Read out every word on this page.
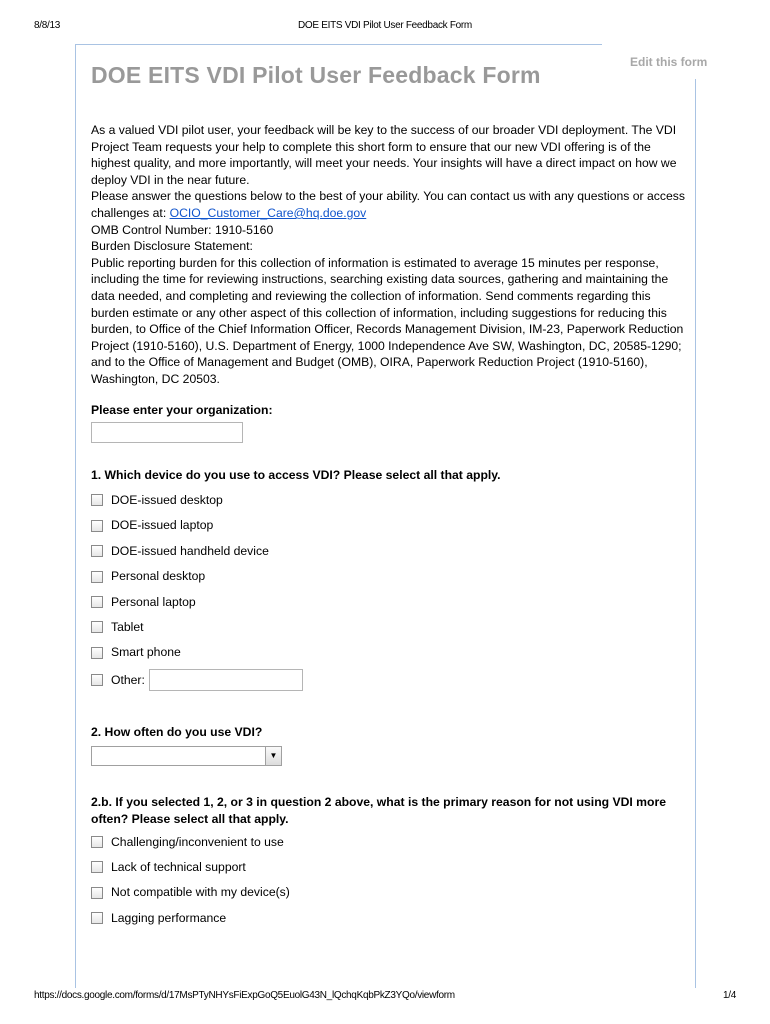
8/8/13	DOE EITS VDI Pilot User Feedback Form
Edit this form
DOE EITS VDI Pilot User Feedback Form

As a valued VDI pilot user, your feedback will be key to the success of our broader VDI deployment. The VDI Project Team requests your help to complete this short form to ensure that our new VDI offering is of the highest quality, and more importantly, will meet your needs. Your insights will have a direct impact on how we deploy VDI in the near future.

Please answer the questions below to the best of your ability. You can contact us with any questions or access challenges at: OCIO_Customer_Care@hq.doe.gov

OMB Control Number: 1910-5160

Burden Disclosure Statement:

Public reporting burden for this collection of information is estimated to average 15 minutes per response, including the time for reviewing instructions, searching existing data sources, gathering and maintaining the data needed, and completing and reviewing the collection of information. Send comments regarding this burden estimate or any other aspect of this collection of information, including suggestions for reducing this burden, to Office of the Chief Information Officer, Records Management Division, IM-23, Paperwork Reduction Project (1910-5160), U.S. Department of Energy, 1000 Independence Ave SW, Washington, DC, 20585-1290; and to the Office of Management and Budget (OMB), OIRA, Paperwork Reduction Project (1910-5160), Washington, DC 20503.

Please enter your organization:

1. Which device do you use to access VDI? Please select all that apply.

DOE-issued desktop
DOE-issued laptop
DOE-issued handheld device
Personal desktop
Personal laptop
Tablet
Smart phone
Other:

2. How often do you use VDI?

▼

2.b. If you selected 1, 2, or 3 in question 2 above, what is the primary reason for not using VDI more often? Please select all that apply.

Challenging/inconvenient to use
Lack of technical support
Not compatible with my device(s)
Lagging performance
https://docs.google.com/forms/d/17MsPTyNHYsFiExpGoQ5EuolG43N_lQchqKqbPkZ3YQo/viewform	1/4
